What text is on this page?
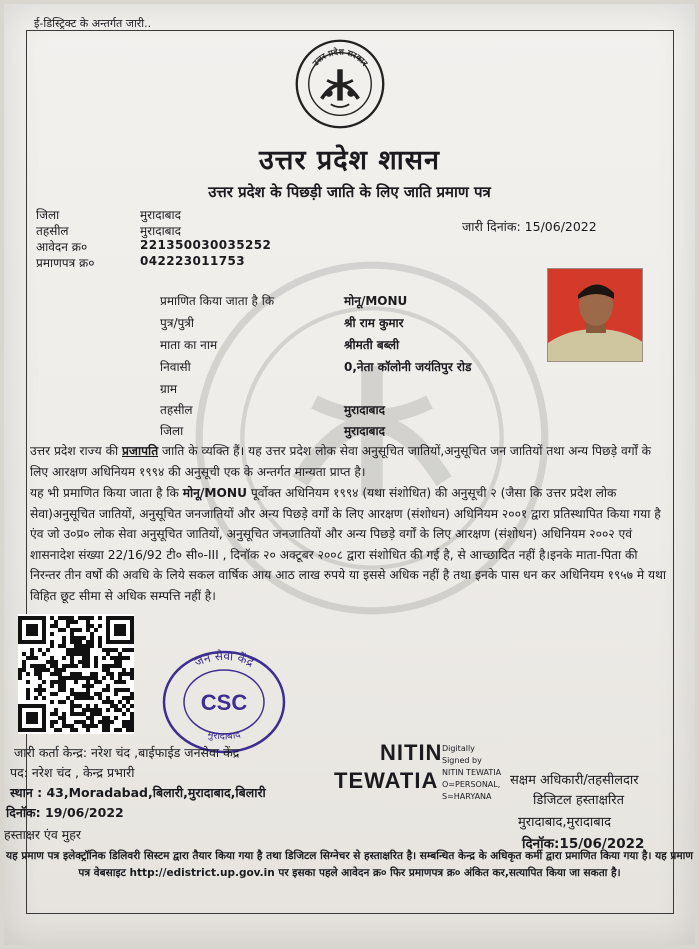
ई-डिस्ट्रिक्ट के अन्तर्गत जारी..
उत्तर प्रदेश सरकार
उत्तर प्रदेश शासन
उत्तर प्रदेश के पिछड़ी जाति के लिए जाति प्रमाण पत्र
जिला	मुरादाबाद
तहसील	मुरादाबाद
आवेदन क्र०	221350030035252
प्रमाणपत्र क्र०	042223011753
जारी दिनांक: 15/06/2022
प्रमाणित किया जाता है कि	मोनू/MONU
पुत्र/पुत्री	श्री राम कुमार
माता का नाम	श्रीमती बब्ली
निवासी	0,नेता कॉलोनी जयंतिपुर रोड
ग्राम
तहसील	मुरादाबाद
जिला	मुरादाबाद
उत्तर प्रदेश राज्य की प्रजापति जाति के व्यक्ति हैं। यह उत्तर प्रदेश लोक सेवा अनुसूचित जातियों,अनुसूचित जन जातियों तथा अन्य पिछड़े वर्गों के लिए आरक्षण अधिनियम १९९४ की अनुसूची एक के अन्तर्गत मान्यता प्राप्त है।
यह भी प्रमाणित किया जाता है कि मोनू/MONU पूर्वोक्त अधिनियम १९९४ (यथा संशोधित) की अनुसूची २ (जैसा कि उत्तर प्रदेश लोक सेवा)अनुसूचित जातियों, अनुसूचित जनजातियों और अन्य पिछड़े वर्गों के लिए आरक्षण (संशोधन) अधिनियम २००१ द्वारा प्रतिस्थापित किया गया है एंव जो उ०प्र० लोक सेवा अनुसूचित जातियों, अनुसूचित जनजातियों और अन्य पिछड़े वर्गों के लिए आरक्षण (संशोधन) अधिनियम २००२ एवं शासनादेश संख्या 22/16/92 टी० सी०-III , दिनॉक २० अक्टूबर २००८ द्वारा संशोधित की गई है, से आच्छादित नहीं है।इनके माता-पिता की निरन्तर तीन वर्षो की अवधि के लिये सकल वार्षिक आय आठ लाख रुपये या इससे अधिक नहीं है तथा इनके पास धन कर अधिनियम १९५७ मे यथा विहित छूट सीमा से अधिक सम्पत्ति नहीं है।
जन सेवा केंद्र
मुरादाबाद
CSC
जारी कर्ता केन्द्र: नरेश चंद ,बाईफाईड जनसेवा केंद्र
पद: नरेश चंद , केन्द्र प्रभारी
स्थान : 43,Moradabad,बिलारी,मुरादाबाद,बिलारी
दिनॉक: 19/06/2022
हस्ताक्षर एंव मुहर
NITIN
TEWATIA
Digitally
Signed by
NITIN TEWATIA
O=PERSONAL,
S=HARYANA
सक्षम अधिकारी/तहसीलदार
डिजिटल हस्ताक्षरित
मुरादाबाद,मुरादाबाद
दिनॉक:15/06/2022
यह प्रमाण पत्र इलेक्ट्रॉनिक डिलिवरी सिस्टम द्वारा तैयार किया गया है तथा डिजिटल सिग्नेचर से हस्ताक्षरित है। सम्बन्धित केन्द्र के अधिकृत कर्मी द्वारा प्रमाणित किया गया है। यह प्रमाण पत्र वेबसाइट http://edistrict.up.gov.in पर इसका पहले आवेदन क्र० फिर प्रमाणपत्र क्र० अंकित कर,सत्यापित किया जा सकता है।
